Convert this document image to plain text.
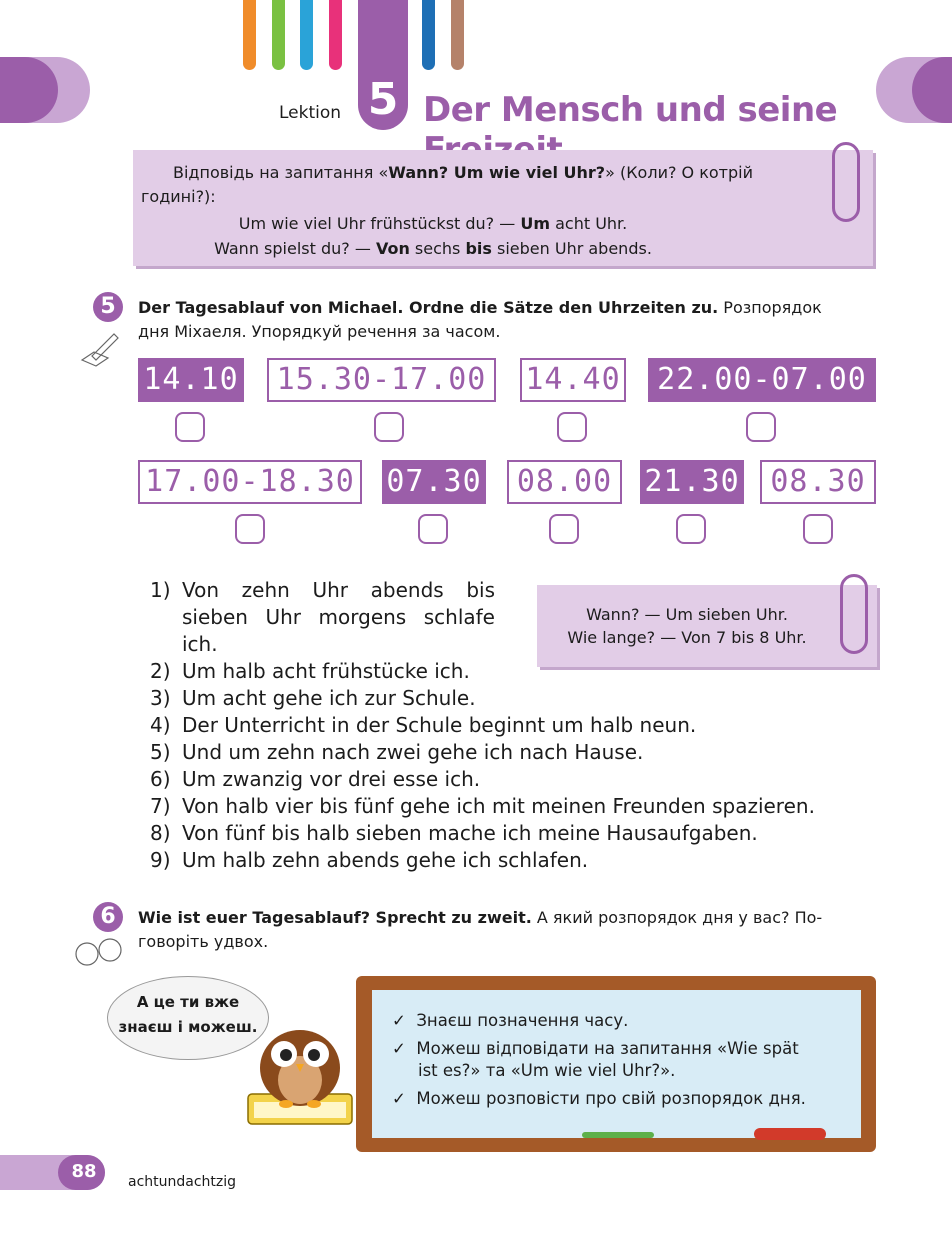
5
Lektion Der Mensch und seine
Відповідь на запитання «Wann? Um wie viel Uhr?» (Коли? О котрій
годині?):
Um wie viel Uhr frühstückst du? — Um acht Uhr.
Wann spielst du? — Von sechs bis sieben Uhr abends.
5	Der Tagesablauf von Michael. Ordne die Sätze den Uhrzeiten zu. Розпорядок
дня Міхаеля. Упорядкуй речення за часом.
14.10	15.30-17.00	14.40	22.00-07.00
17.00-18.30 07.30	08.00	21.30	08.30
1) Von zehn Uhr abends bis
sieben Uhr morgens schlafe
ich.
2) Um halb acht frühstücke ich.
3) Um acht gehe ich zur Schule.
4) Der Unterricht in der Schule beginnt um halb neun.
5) Und um zehn nach zwei gehe ich nach Hause.
6) Um zwanzig vor drei esse ich.
7) Von halb vier bis fünf gehe ich mit meinen Freunden spazieren.
8) Von fünf bis halb sieben mache ich meine Hausaufgaben.
9) Um halb zehn abends gehe ich schlafen.
Wann? — Um sieben Uhr.
Wie lange? — Von 7 bis 8 Uhr.
6	Wie ist euer Tagesablauf? Sprecht zu zweit. А який розпорядок дня у вас? По-
говоріть удвох.
А це ти вже
знаєш і можеш.	✓ Знаєш позначення часу.
✓ Можеш відповідати на запитання «Wie spät
ist es?» та «Um wie viel Uhr?».
✓ Можеш розповісти про свій розпорядок дня.
88	achtundachtzig
